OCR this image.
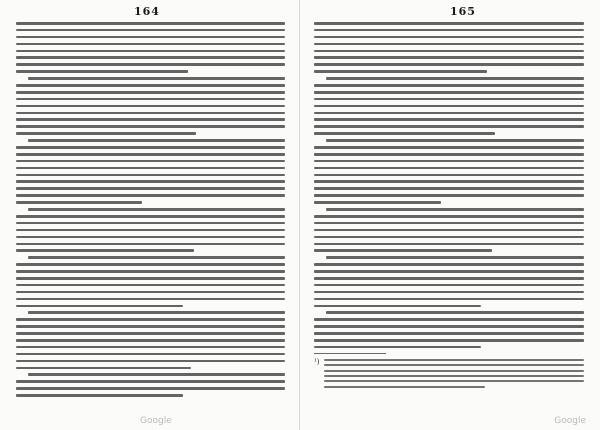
164
Google
165
¹)
Google
